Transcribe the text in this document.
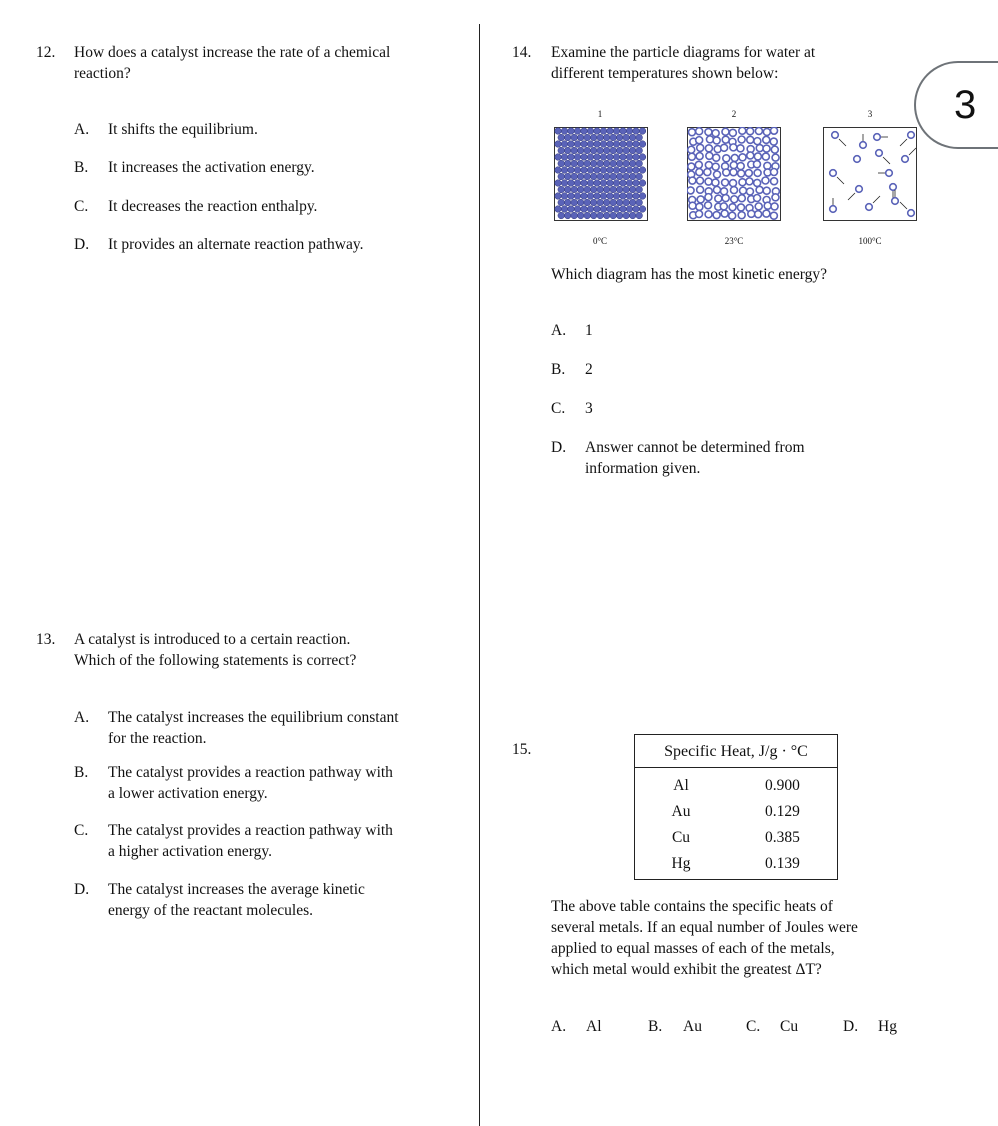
3
12. How does a catalyst increase the rate of a chemical
reaction?
A.	It shifts the equilibrium.
B.	It increases the activation energy.
C.	It decreases the reaction enthalpy.
D.	It provides an alternate reaction pathway.
13. A catalyst is introduced to a certain reaction.
Which of the following statements is correct?
A.	The catalyst increases the equilibrium constant
for the reaction.
B.	The catalyst provides a reaction pathway with
a lower activation energy.
C.	The catalyst provides a reaction pathway with
a higher activation energy.
D.	The catalyst increases the average kinetic
energy of the reactant molecules.
14. Examine the particle diagrams for water at
different temperatures shown below:
1	2	3
0°C	23°C	100°C
Which diagram has the most kinetic energy?
A.	1
B.	2
C.	3
D.	Answer cannot be determined from
information given.
15.	Specific Heat, J/g · °C	
Al	0.900
Au	0.129
Cu	0.385
Hg	0.139
The above table contains the specific heats of
several metals. If an equal number of Joules were
applied to equal masses of each of the metals,
which metal would exhibit the greatest ΔT?
A.	Al	B.	Au	C.	Cu	D.	Hg
